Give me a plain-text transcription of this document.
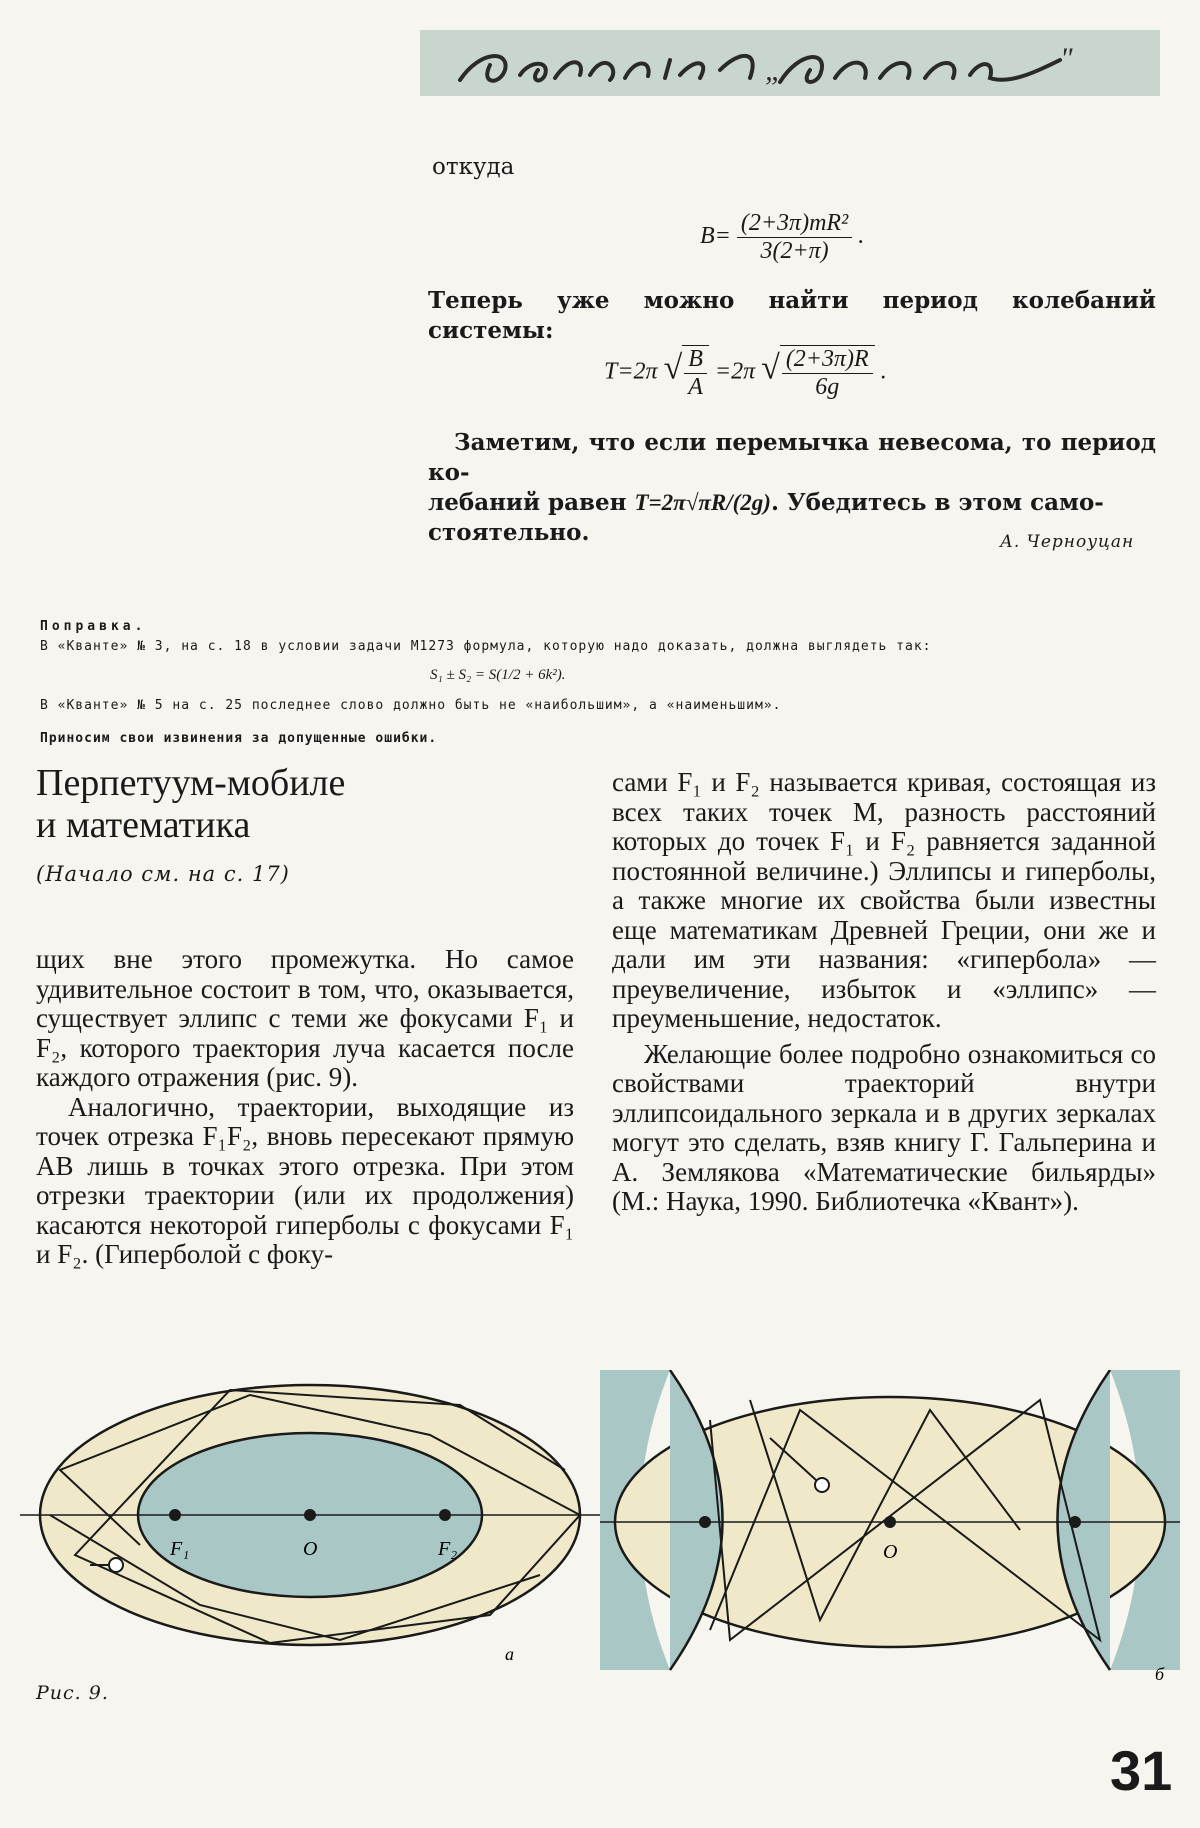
„	"
откуда
$B= \frac{\text{(2+3π)mR²}}{3(2+\pi)}$ .
Теперь уже можно найти период колебаний системы:
T=2π √ $\frac{B}{A} =2\pi$ √ $\frac{(2+3\pi)R}{6g}$ .
Заметим, что если перемычка невесома, то период ко-
лебаний равен T=2π√πR/(2g). Убедитесь в этом само-
стоятельно.	А. Черноуцан
Поправка.
В «Кванте» № 3, на с. 18 в условии задачи М1273 формула, которую надо доказать, должна выглядеть так:
S₁ ± S₂ = S(1/2 + 6k²).
В «Кванте» № 5 на с. 25 последнее слово должно быть не «наибольшим», а «наименьшим».
Приносим свои извинения за допущенные ошибки.
Перпетуум-мобиле
и математика
(Начало см. на с. 17)

щих вне этого промежутка. Но самое удивительное состоит в том, что, оказывается, существует эллипс с теми же фокусами F₁ и F₂, которого траектория луча касается после каждого отражения (рис. 9).

Аналогично, траектории, выходящие из точек отрезка F₁F₂, вновь пересекают прямую AB лишь в точках этого отрезка. При этом отрезки траектории (или их продолжения) касаются некоторой гиперболы с фокусами F₁ и F₂. (Гиперболой с фоку-

сами F₁ и F₂ называется кривая, состоящая из всех таких точек M, разность расстояний которых до точек F₁ и F₂ равняется заданной постоянной величине.) Эллипсы и гиперболы, а также многие их свойства были известны еще математикам Древней Греции, они же и дали им эти названия: «гипербола» — преувеличение, избыток и «эллипс» — преуменьшение, недостаток.

Желающие более подробно ознакомиться со свойствами траекторий внутри эллипсоидального зеркала и в других зеркалах могут это сделать, взяв книгу Г. Гальперина и А. Землякова «Математические бильярды» (М.: Наука, 1990. Библиотечка «Квант»).

F₁	O	F₂
а
O
б
Рис. 9.
31
